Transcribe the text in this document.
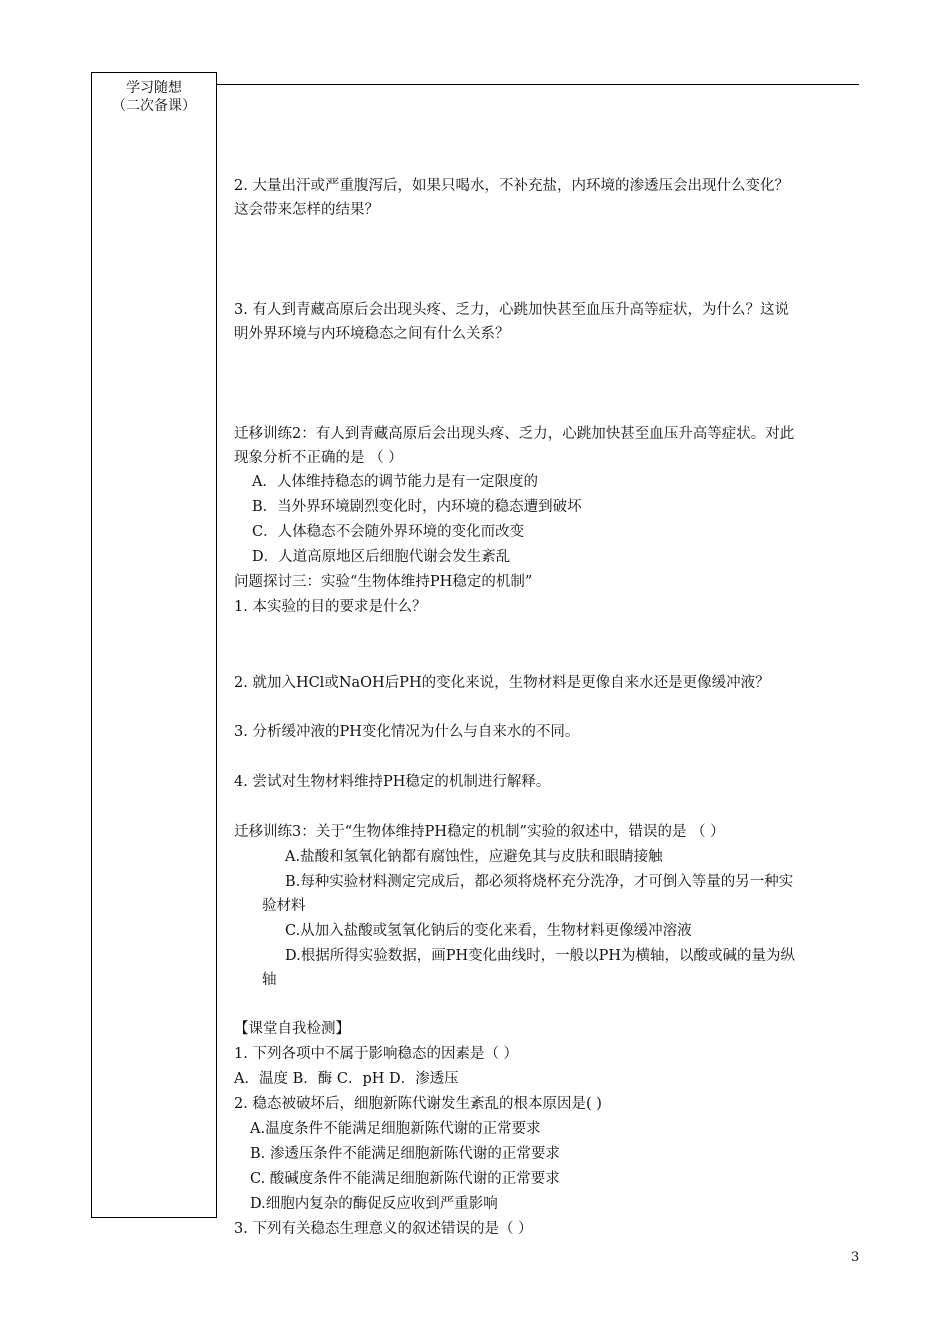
学习随想
（二次备课）
2. 大量出汗或严重腹泻后，如果只喝水，不补充盐，内环境的渗透压会出现什么变化？
这会带来怎样的结果？
3. 有人到青藏高原后会出现头疼、乏力，心跳加快甚至血压升高等症状，为什么？这说
明外界环境与内环境稳态之间有什么关系？
迁移训练2：有人到青藏高原后会出现头疼、乏力，心跳加快甚至血压升高等症状。对此
现象分析不正确的是 （ ）
A．人体维持稳态的调节能力是有一定限度的
B．当外界环境剧烈变化时，内环境的稳态遭到破坏
C．人体稳态不会随外界环境的变化而改变
D．人道高原地区后细胞代谢会发生紊乱
问题探讨三：实验“生物体维持PH稳定的机制”
1. 本实验的目的要求是什么？
2. 就加入HCl或NaOH后PH的变化来说，生物材料是更像自来水还是更像缓冲液？
3. 分析缓冲液的PH变化情况为什么与自来水的不同。
4. 尝试对生物材料维持PH稳定的机制进行解释。
迁移训练3：关于“生物体维持PH稳定的机制”实验的叙述中，错误的是 （ ）
A.盐酸和氢氧化钠都有腐蚀性，应避免其与皮肤和眼睛接触
B.每种实验材料测定完成后，都必须将烧杯充分洗净，才可倒入等量的另一种实
验材料
C.从加入盐酸或氢氧化钠后的变化来看，生物材料更像缓冲溶液
D.根据所得实验数据，画PH变化曲线时，一般以PH为横轴，以酸或碱的量为纵
轴
【课堂自我检测】
1. 下列各项中不属于影响稳态的因素是（ ）
A．温度 B．酶 C．pH D．渗透压
2. 稳态被破坏后，细胞新陈代谢发生紊乱的根本原因是( )
A.温度条件不能满足细胞新陈代谢的正常要求
B. 渗透压条件不能满足细胞新陈代谢的正常要求
C. 酸碱度条件不能满足细胞新陈代谢的正常要求
D.细胞内复杂的酶促反应收到严重影响
3. 下列有关稳态生理意义的叙述错误的是（ ）
3
